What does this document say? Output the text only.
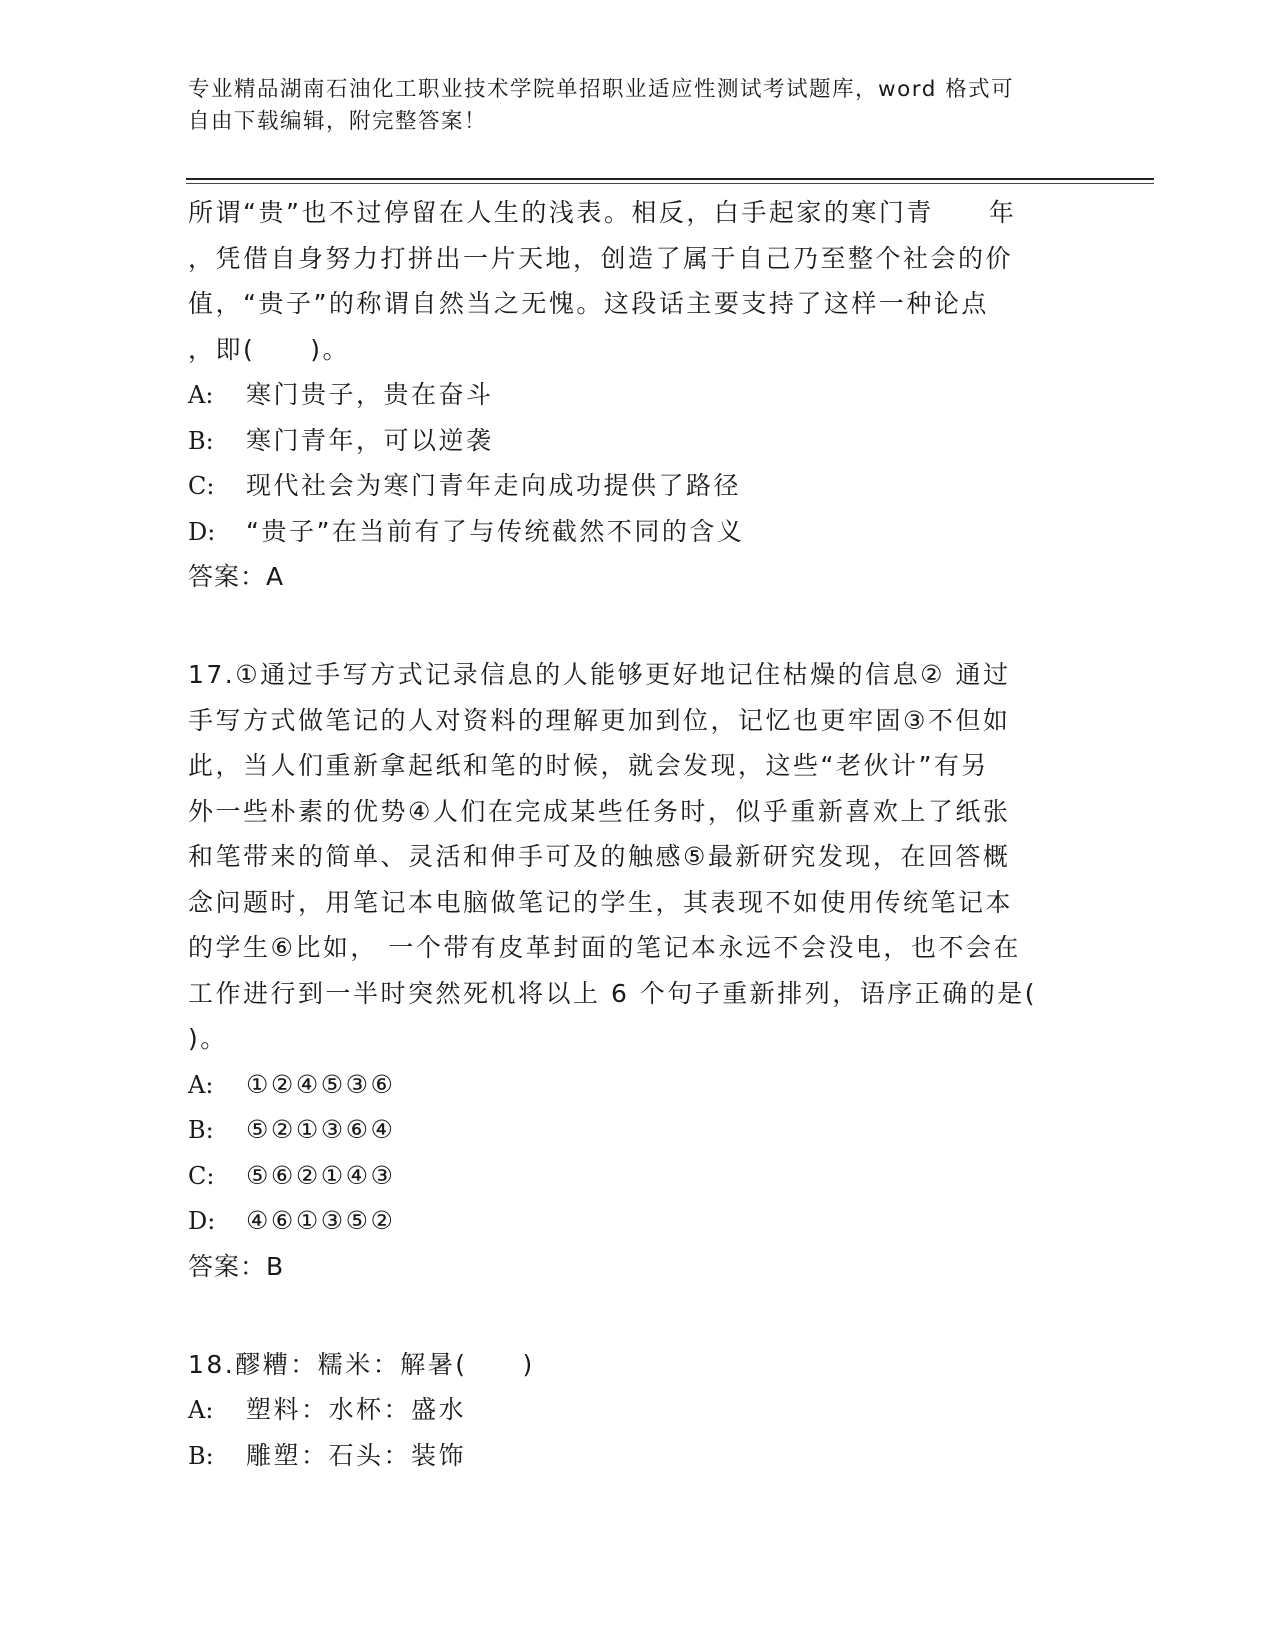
专业精品湖南石油化工职业技术学院单招职业适应性测试考试题库，word 格式可
自由下载编辑，附完整答案！
所谓“贵”也不过停留在人生的浅表。相反，白手起家的寒门青　　年
，凭借自身努力打拼出一片天地，创造了属于自己乃至整个社会的价
值，“贵子”的称谓自然当之无愧。这段话主要支持了这样一种论点
，即(　　)。
A: 寒门贵子，贵在奋斗
B: 寒门青年，可以逆袭
C: 现代社会为寒门青年走向成功提供了路径
D: “贵子”在当前有了与传统截然不同的含义
答案：A
17.①通过手写方式记录信息的人能够更好地记住枯燥的信息② 通过
手写方式做笔记的人对资料的理解更加到位，记忆也更牢固③不但如
此，当人们重新拿起纸和笔的时候，就会发现，这些“老伙计”有另
外一些朴素的优势④人们在完成某些任务时，似乎重新喜欢上了纸张
和笔带来的简单、灵活和伸手可及的触感⑤最新研究发现，在回答概
念问题时，用笔记本电脑做笔记的学生，其表现不如使用传统笔记本
的学生⑥比如， 一个带有皮革封面的笔记本永远不会没电，也不会在
工作进行到一半时突然死机将以上 6 个句子重新排列，语序正确的是(
)。
A: ①②④⑤③⑥
B: ⑤②①③⑥④
C: ⑤⑥②①④③
D: ④⑥①③⑤②
答案：B
18.醪糟：糯米：解暑(　　)
A: 塑料：水杯：盛水
B: 雕塑：石头：装饰
